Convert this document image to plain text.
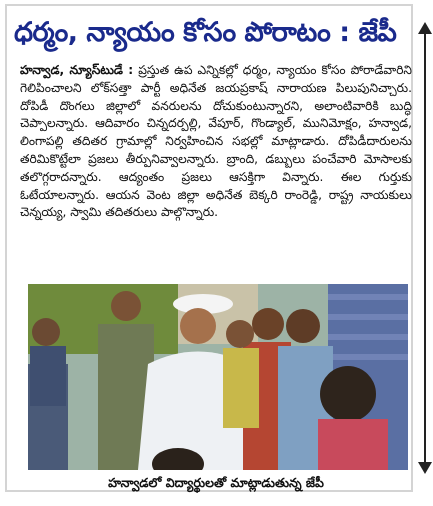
ధర్మం, న్యాయం కోసం పోరాటం : జేపీ
హన్వాడ, న్యూస్‌టుడే : ప్రస్తుత ఉప ఎన్నికల్లో ధర్మం, న్యాయం కోసం పోరాడేవారిని గెలిపించాలని లోక్‌సత్తా పార్టీ అధినేత జయప్రకాష్ నారాయణ పిలుపునిచ్చారు. దోపిడీ దొంగలు జిల్లాలో వనరులను దోచుకుంటున్నారని, అలాంటివారికి బుద్ధి చెప్పాలన్నారు. ఆదివారం చిన్నదర్పల్లి, వేపూర్, గొండ్యాల్, మునిమోక్షం, హన్వాడ, లింగాపల్లి తదితర గ్రామాల్లో నిర్వహించిన సభల్లో మాట్లాడారు. దోపిడీదారులను తరిమికొట్టేలా ప్రజలు తీర్పునివ్వాలన్నారు. బ్రాంది, డబ్బులు పంచేవారి మోసాలకు తలొగ్గరాదన్నారు. ఆద్యంతం ప్రజలు ఆసక్తిగా విన్నారు. ఈల గుర్తుకు ఓటేయాలన్నారు. ఆయన వెంట జిల్లా అధినేత బెక్కరి రాంరెడ్డి, రాష్ట్ర నాయకులు చెన్నయ్య, స్వామి తదితరులు పాల్గొన్నారు.
హన్వాడలో విద్యార్థులతో మాట్లాడుతున్న జేపీ
